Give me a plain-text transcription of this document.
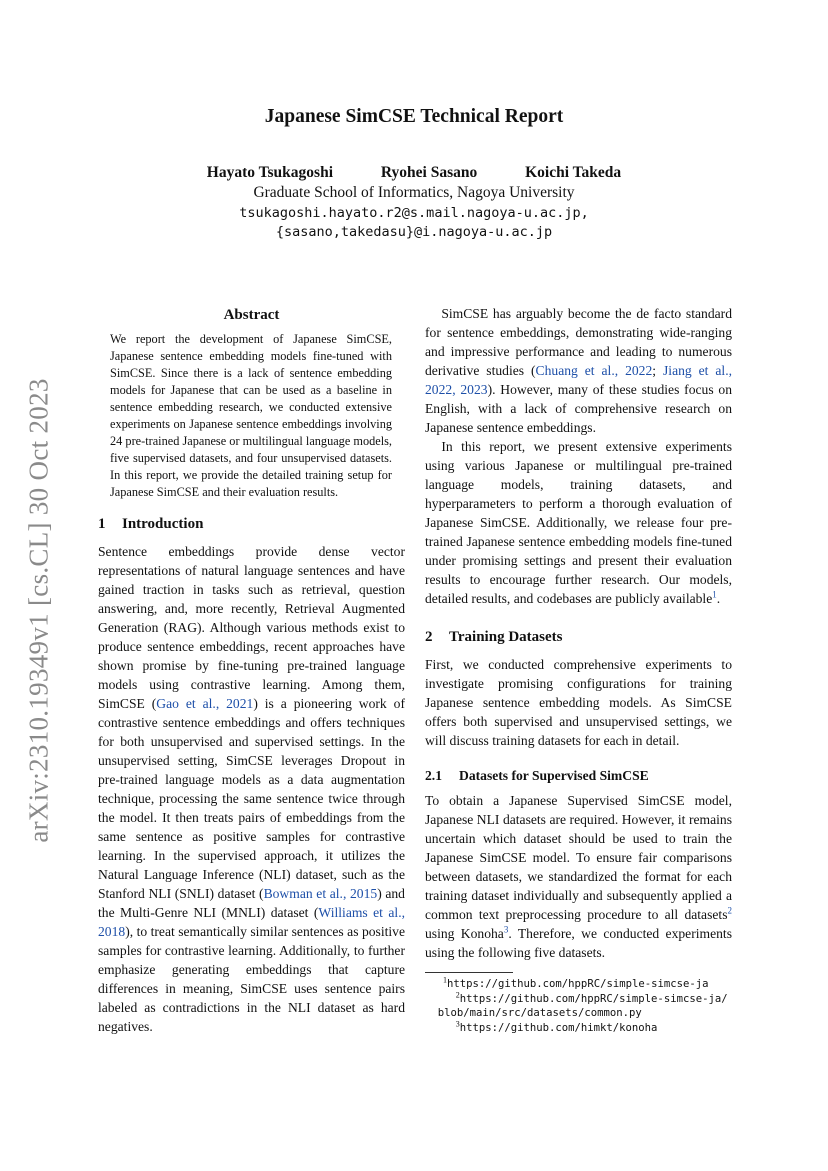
arXiv:2310.19349v1 [cs.CL] 30 Oct 2023
Japanese SimCSE Technical Report
Hayato Tsukagoshi	Ryohei Sasano	Koichi Takeda
Graduate School of Informatics, Nagoya University
tsukagoshi.hayato.r2@s.mail.nagoya-u.ac.jp,
{sasano,takedasu}@i.nagoya-u.ac.jp
Abstract
We report the development of Japanese SimCSE, Japanese sentence embedding models fine-tuned with SimCSE. Since there is a lack of sentence embedding models for Japanese that can be used as a baseline in sentence embedding research, we conducted extensive experiments on Japanese sentence embeddings involving 24 pre-trained Japanese or multilingual language models, five supervised datasets, and four unsupervised datasets. In this report, we provide the detailed training setup for Japanese SimCSE and their evaluation results.
1 Introduction

Sentence embeddings provide dense vector representations of natural language sentences and have gained traction in tasks such as retrieval, question answering, and, more recently, Retrieval Augmented Generation (RAG). Although various methods exist to produce sentence embeddings, recent approaches have shown promise by fine-tuning pre-trained language models using contrastive learning. Among them, SimCSE (Gao et al., 2021) is a pioneering work of contrastive sentence embeddings and offers techniques for both unsupervised and supervised settings. In the unsupervised setting, SimCSE leverages Dropout in pre-trained language models as a data augmentation technique, processing the same sentence twice through the model. It then treats pairs of embeddings from the same sentence as positive samples for contrastive learning. In the supervised approach, it utilizes the Natural Language Inference (NLI) dataset, such as the Stanford NLI (SNLI) dataset (Bowman et al., 2015) and the Multi-Genre NLI (MNLI) dataset (Williams et al., 2018), to treat semantically similar sentences as positive samples for contrastive learning. Additionally, to further emphasize generating embeddings that capture differences in meaning, SimCSE uses sentence pairs labeled as contradictions in the NLI dataset as hard negatives.

SimCSE has arguably become the de facto standard for sentence embeddings, demonstrating wide-ranging and impressive performance and leading to numerous derivative studies (Chuang et al., 2022; Jiang et al., 2022, 2023). However, many of these studies focus on English, with a lack of comprehensive research on Japanese sentence embeddings.

In this report, we present extensive experiments using various Japanese or multilingual pre-trained language models, training datasets, and hyperparameters to perform a thorough evaluation of Japanese SimCSE. Additionally, we release four pre-trained Japanese sentence embedding models fine-tuned under promising settings and present their evaluation results to encourage further research. Our models, detailed results, and codebases are publicly available$^1$.

2 Training Datasets

First, we conducted comprehensive experiments to investigate promising configurations for training Japanese sentence embedding models. As SimCSE offers both supervised and unsupervised settings, we will discuss training datasets for each in detail.

2.1 Datasets for Supervised SimCSE

To obtain a Japanese Supervised SimCSE model, Japanese NLI datasets are required. However, it remains uncertain which dataset should be used to train the Japanese SimCSE model. To ensure fair comparisons between datasets, we standardized the format for each training dataset individually and subsequently applied a common text preprocessing procedure to all datasets$^2$ using Konoha$^3$. Therefore, we conducted experiments using the following five datasets.

$^1$https://github.com/hppRC/simple-simcse-ja

$^2$https://github.com/hppRC/simple-simcse-ja/

blob/main/src/datasets/common.py

$^3$https://github.com/himkt/konoha
